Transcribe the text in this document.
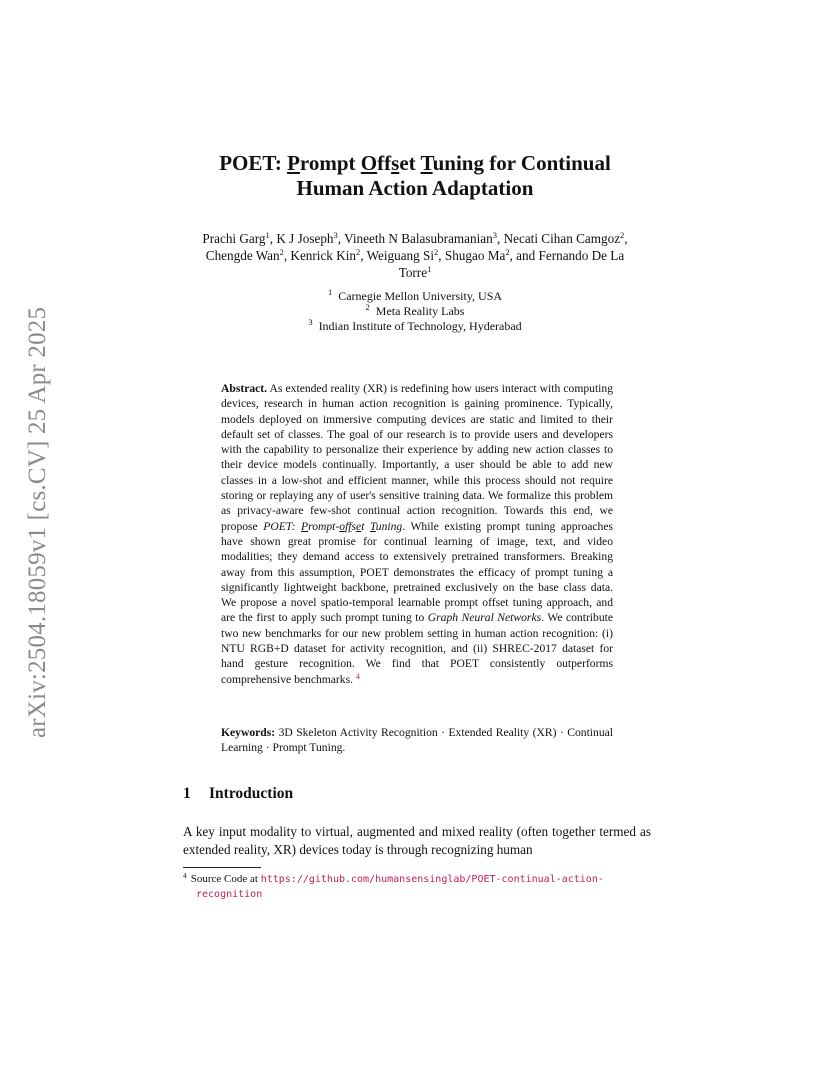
arXiv:2504.18059v1 [cs.CV] 25 Apr 2025
POET: Prompt Offset Tuning for Continual
Human Action Adaptation
Prachi Garg$^1$, K J Joseph$^3$, Vineeth N Balasubramanian$^3$, Necati Cihan Camgoz$^2$, Chengde Wan$^2$, Kenrick Kin$^2$, Weiguang Si$^2$, Shugao Ma$^2$, and Fernando De La Torre$^1$
$^1$ Carnegie Mellon University, USA
$^2$ Meta Reality Labs
$^3$ Indian Institute of Technology, Hyderabad
Abstract. As extended reality (XR) is redefining how users interact with computing devices, research in human action recognition is gaining prominence. Typically, models deployed on immersive computing devices are static and limited to their default set of classes. The goal of our research is to provide users and developers with the capability to personalize their experience by adding new action classes to their device models continually. Importantly, a user should be able to add new classes in a low-shot and efficient manner, while this process should not require storing or replaying any of user's sensitive training data. We formalize this problem as privacy-aware few-shot continual action recognition. Towards this end, we propose POET: Prompt-offset Tuning. While existing prompt tuning approaches have shown great promise for continual learning of image, text, and video modalities; they demand access to extensively pretrained transformers. Breaking away from this assumption, POET demonstrates the efficacy of prompt tuning a significantly lightweight backbone, pretrained exclusively on the base class data. We propose a novel spatio-temporal learnable prompt offset tuning approach, and are the first to apply such prompt tuning to Graph Neural Networks. We contribute two new benchmarks for our new problem setting in human action recognition: (i) NTU RGB+D dataset for activity recognition, and (ii) SHREC-2017 dataset for hand gesture recognition. We find that POET consistently outperforms comprehensive benchmarks. $^4$
Keywords: 3D Skeleton Activity Recognition · Extended Reality (XR) · Continual Learning · Prompt Tuning.
1 Introduction
A key input modality to virtual, augmented and mixed reality (often together termed as extended reality, XR) devices today is through recognizing human
$^4$ Source Code at https://github.com/humansensinglab/POET-continual-action-
recognition
